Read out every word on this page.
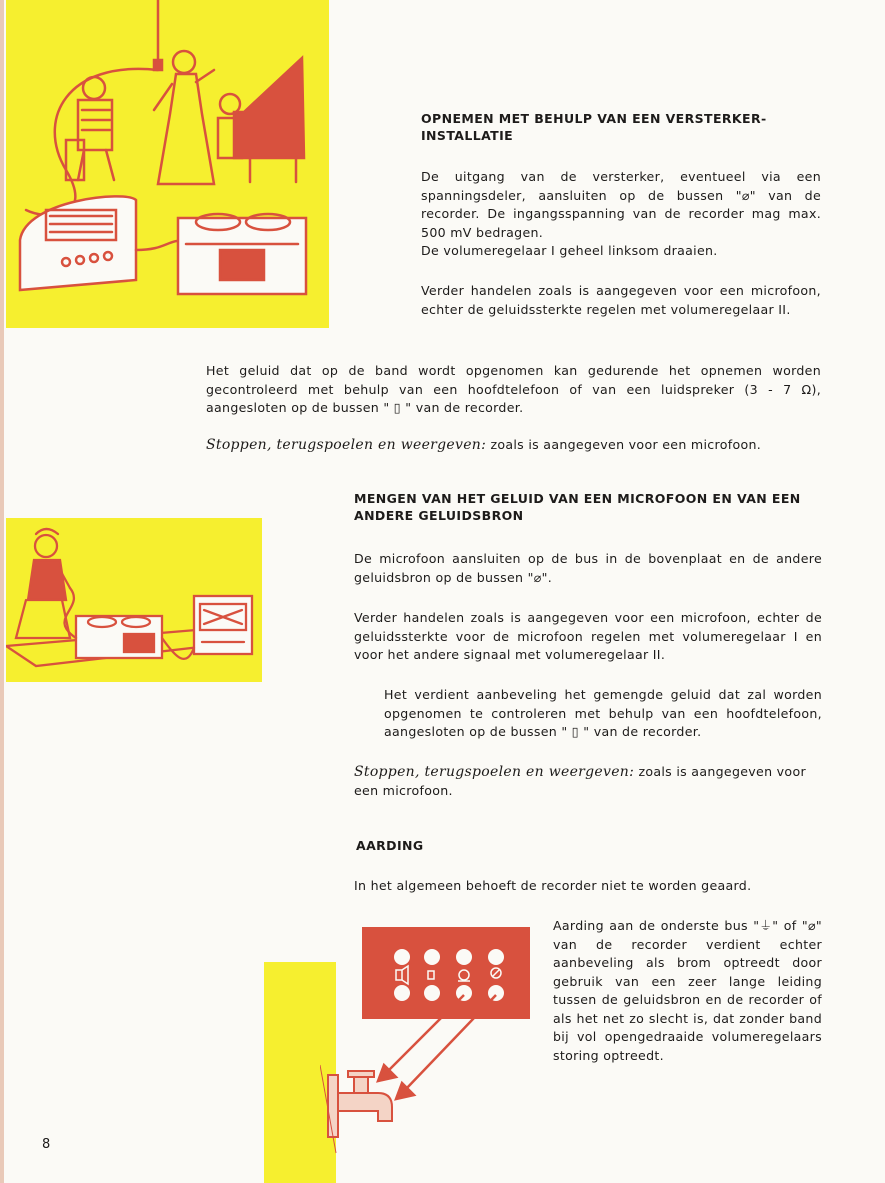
OPNEMEN MET BEHULP VAN EEN VERSTERKER-INSTALLATIE
De uitgang van de versterker, eventueel via een spanningsdeler, aansluiten op de bussen "⌀" van de recorder. De ingangsspanning van de recorder mag max. 500 mV bedragen.
De volumeregelaar I geheel linksom draaien.
Verder handelen zoals is aangegeven voor een microfoon, echter de geluidssterkte regelen met volumeregelaar II.
Het geluid dat op de band wordt opgenomen kan gedurende het opnemen worden gecontroleerd met behulp van een hoofdtelefoon of van een luidspreker (3 - 7 Ω), aangesloten op de bussen " ▯ " van de recorder.
Stoppen, terugspoelen en weergeven: zoals is aangegeven voor een microfoon.
MENGEN VAN HET GELUID VAN EEN MICROFOON EN VAN EEN ANDERE GELUIDSBRON
De microfoon aansluiten op de bus in de bovenplaat en de andere geluidsbron op de bussen "⌀".
Verder handelen zoals is aangegeven voor een microfoon, echter de geluidssterkte voor de microfoon regelen met volumeregelaar I en voor het andere signaal met volumeregelaar II.
Het verdient aanbeveling het gemengde geluid dat zal worden opgenomen te controleren met behulp van een hoofdtelefoon, aangesloten op de bussen " ▯ " van de recorder.
Stoppen, terugspoelen en weergeven: zoals is aangegeven voor een microfoon.
AARDING
In het algemeen behoeft de recorder niet te worden geaard.
Aarding aan de onderste bus "⏚" of "⌀" van de recorder verdient echter aanbeveling als brom optreedt door gebruik van een zeer lange leiding tussen de geluidsbron en de recorder of als het net zo slecht is, dat zonder band bij vol opengedraaide volumeregelaars storing optreedt.
8
